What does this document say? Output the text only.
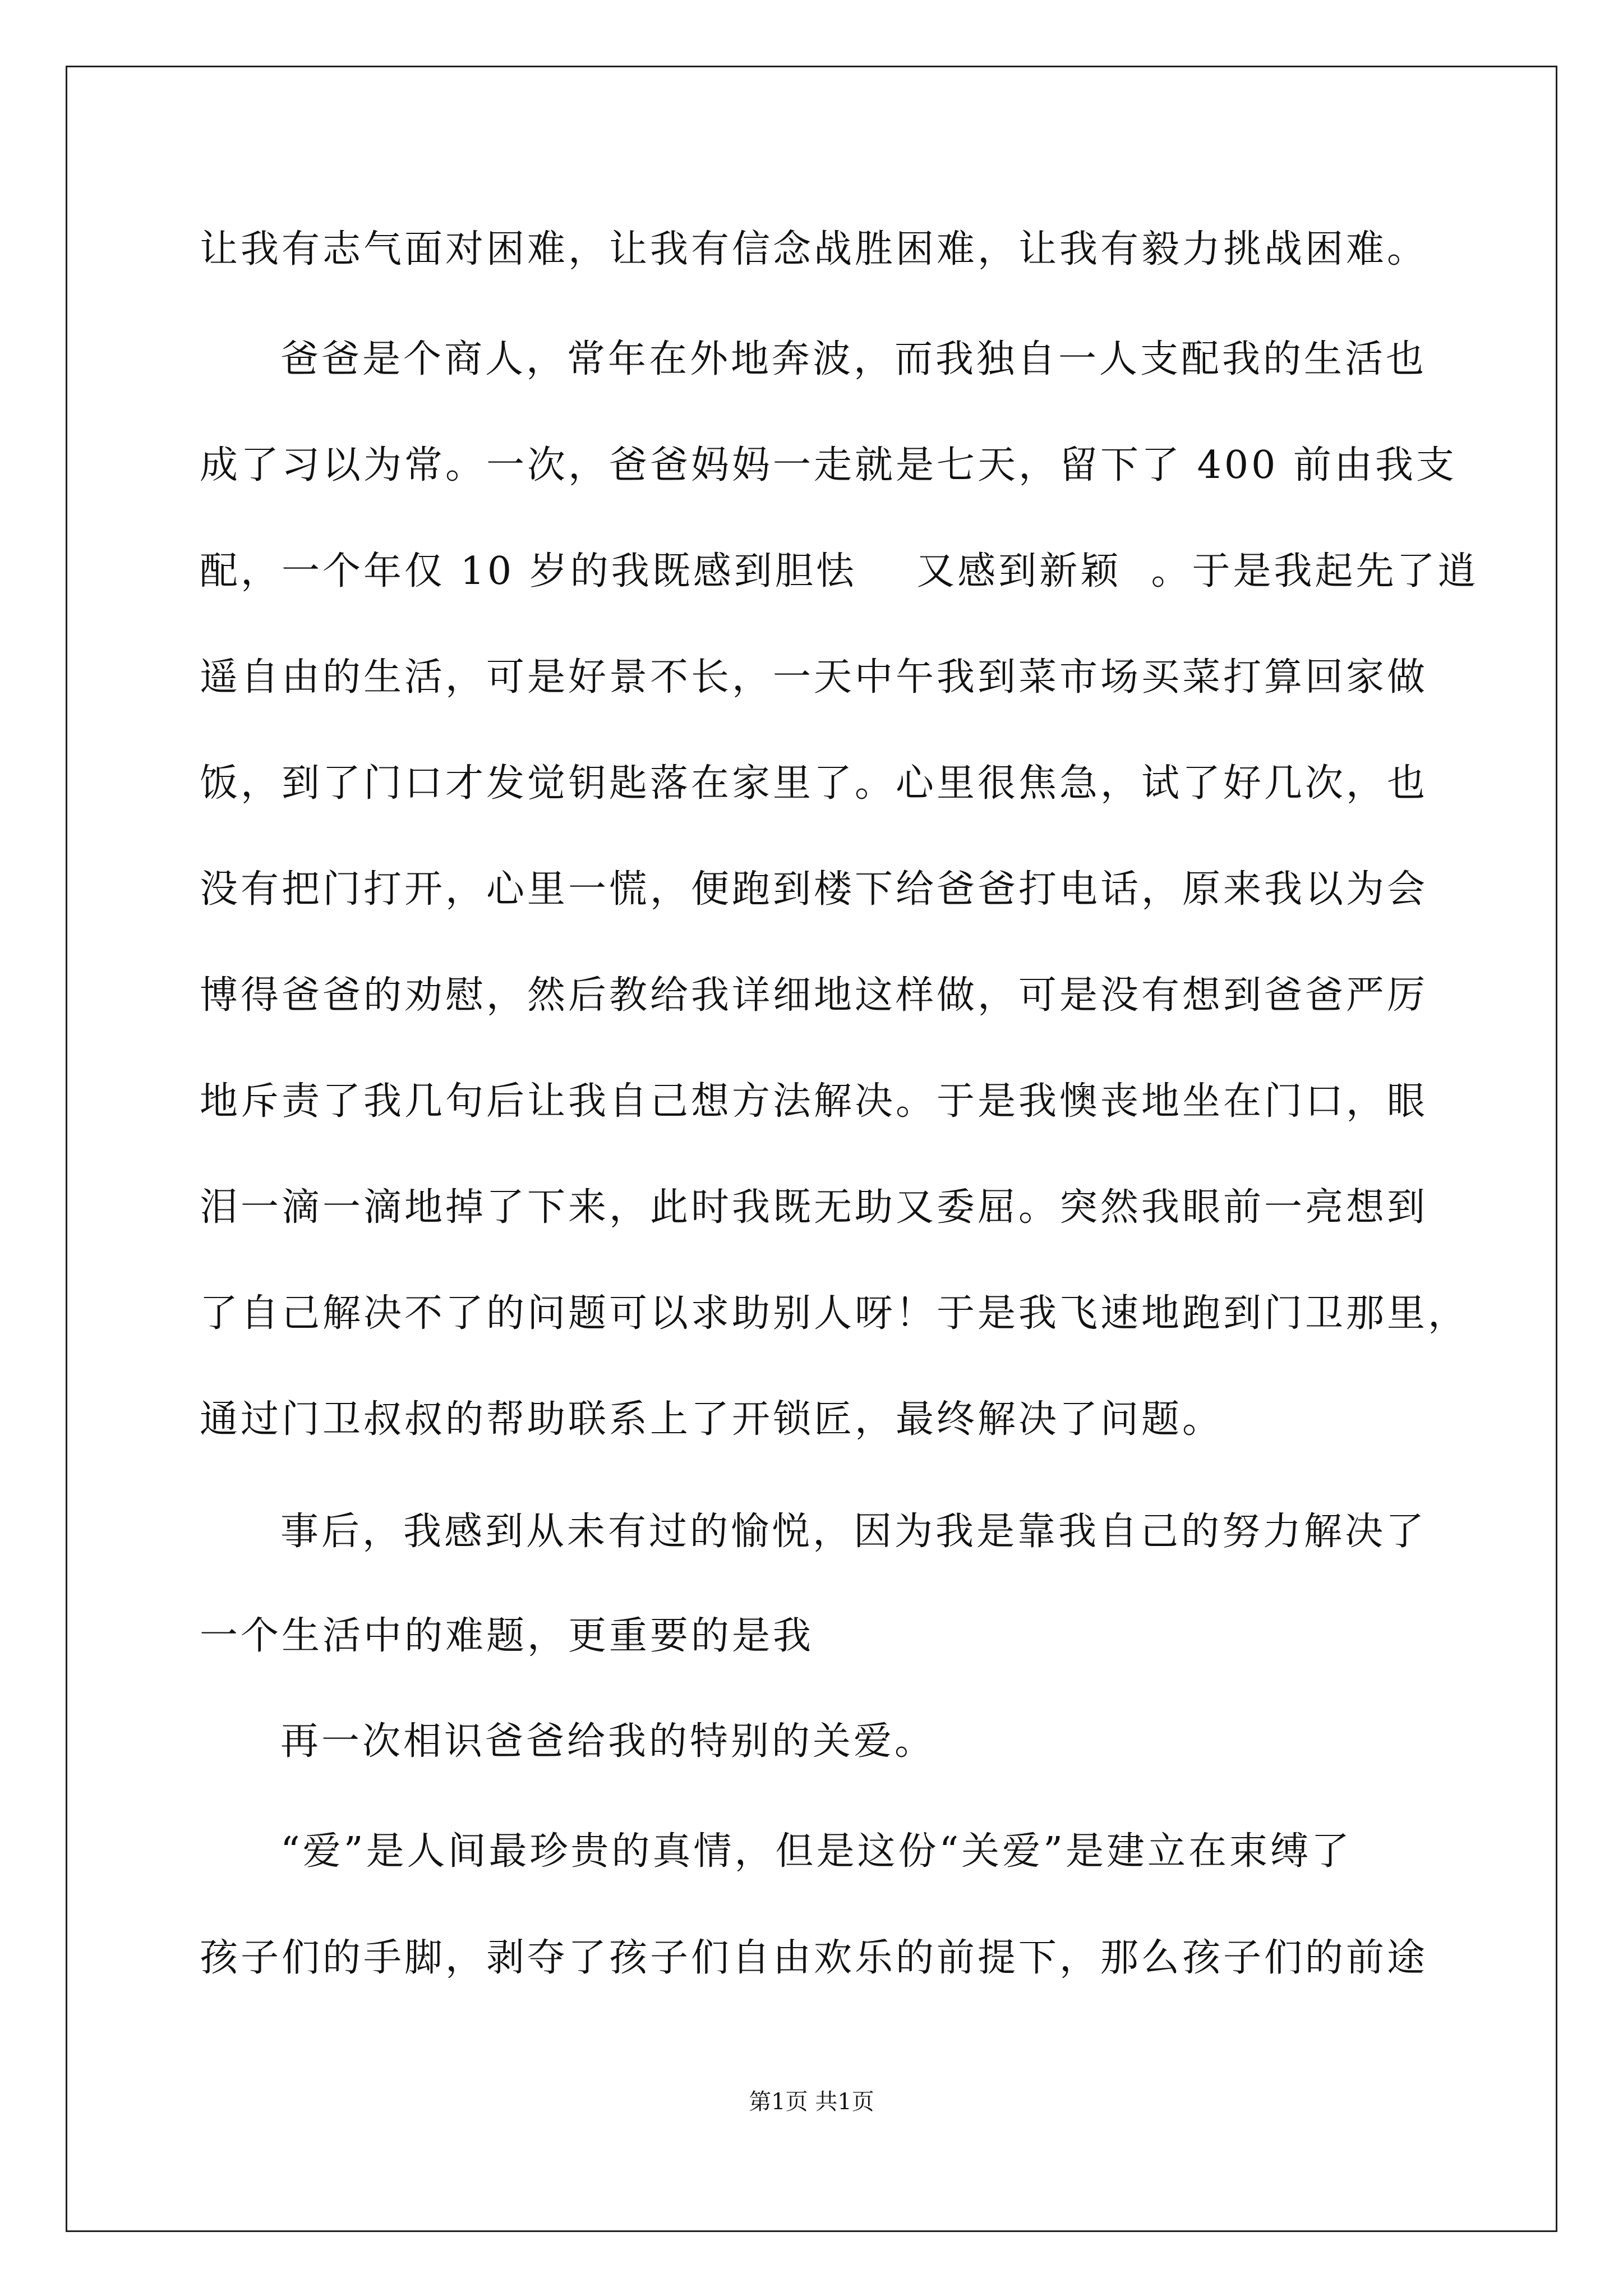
让我有志气面对困难，让我有信念战胜困难，让我有毅力挑战困难。
爸爸是个商人，常年在外地奔波，而我独自一人支配我的生活也
成了习以为常。一次，爸爸妈妈一走就是七天，留下了 400 前由我支
配，一个年仅 10 岁的我既感到胆怯    又感到新颖  。于是我起先了逍
遥自由的生活，可是好景不长，一天中午我到菜市场买菜打算回家做
饭，到了门口才发觉钥匙落在家里了。心里很焦急，试了好几次，也
没有把门打开，心里一慌，便跑到楼下给爸爸打电话，原来我以为会
博得爸爸的劝慰，然后教给我详细地这样做，可是没有想到爸爸严厉
地斥责了我几句后让我自己想方法解决。于是我懊丧地坐在门口，眼
泪一滴一滴地掉了下来，此时我既无助又委屈。突然我眼前一亮想到
了自己解决不了的问题可以求助别人呀！于是我飞速地跑到门卫那里，
通过门卫叔叔的帮助联系上了开锁匠，最终解决了问题。
事后，我感到从未有过的愉悦，因为我是靠我自己的努力解决了
一个生活中的难题，更重要的是我
再一次相识爸爸给我的特别的关爱。
“爱”是人间最珍贵的真情，但是这份“关爱”是建立在束缚了
孩子们的手脚，剥夺了孩子们自由欢乐的前提下，那么孩子们的前途
第1页 共1页
